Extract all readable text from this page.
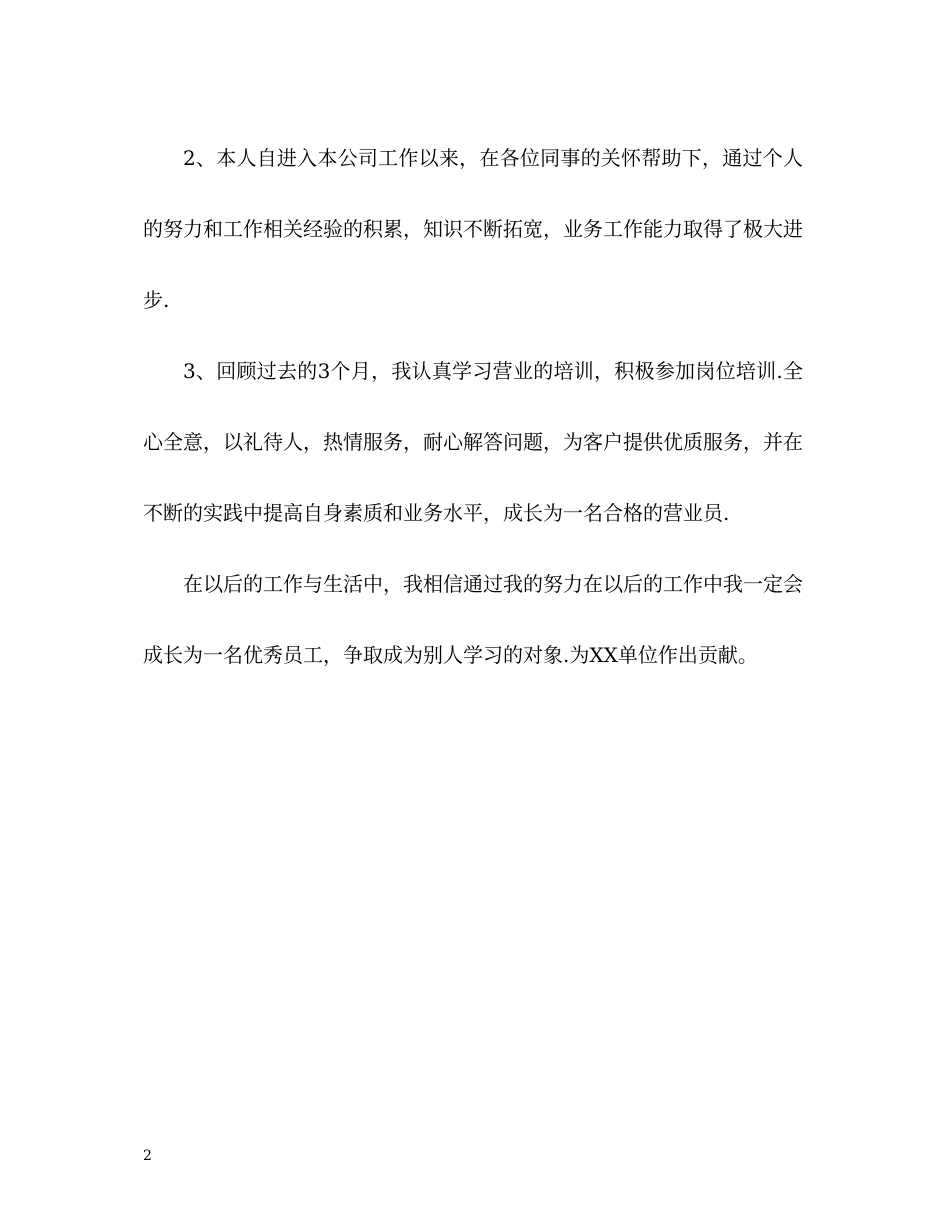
2、本人自进入本公司工作以来，在各位同事的关怀帮助下，通过个人的努力和工作相关经验的积累，知识不断拓宽，业务工作能力取得了极大进步.

3、回顾过去的3个月，我认真学习营业的培训，积极参加岗位培训.全心全意，以礼待人，热情服务，耐心解答问题，为客户提供优质服务，并在不断的实践中提高自身素质和业务水平，成长为一名合格的营业员.

在以后的工作与生活中，我相信通过我的努力在以后的工作中我一定会成长为一名优秀员工，争取成为别人学习的对象.为XX单位作出贡献。

2
